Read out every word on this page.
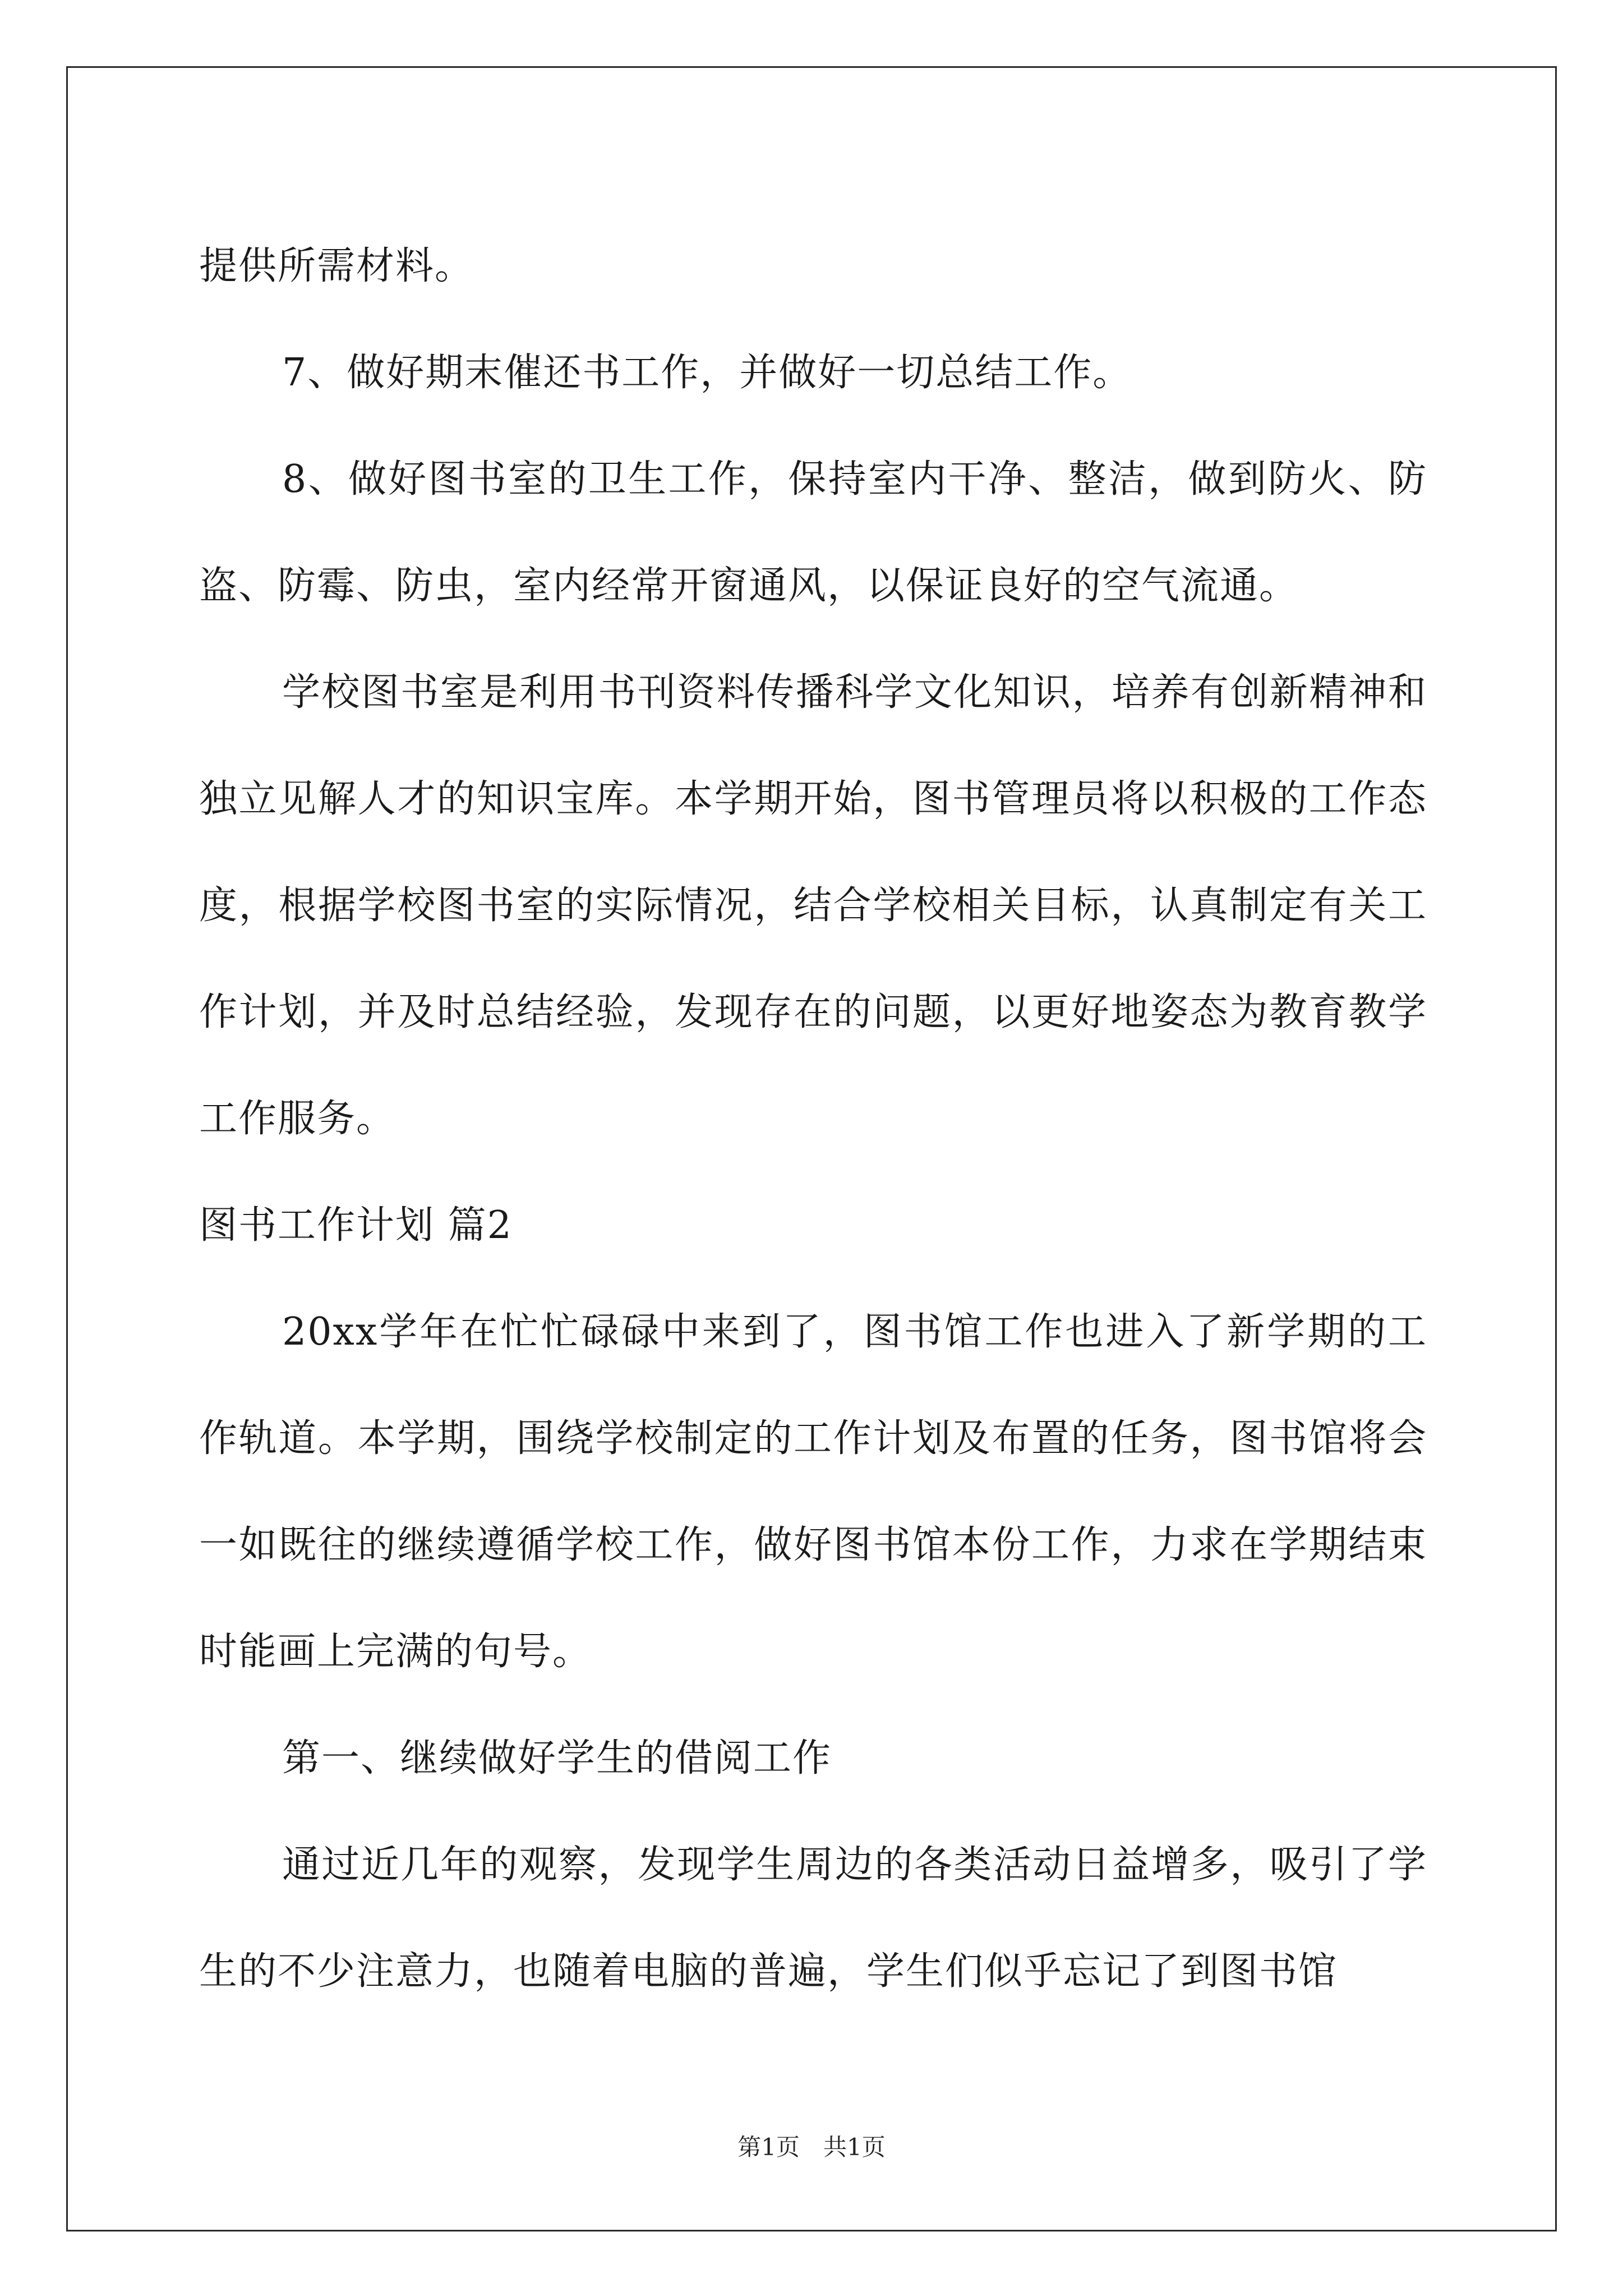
提供所需材料。

7、做好期末催还书工作，并做好一切总结工作。

8、做好图书室的卫生工作，保持室内干净、整洁，做到防火、防盗、防霉、防虫，室内经常开窗通风，以保证良好的空气流通。

学校图书室是利用书刊资料传播科学文化知识，培养有创新精神和独立见解人才的知识宝库。本学期开始，图书管理员将以积极的工作态度，根据学校图书室的实际情况，结合学校相关目标，认真制定有关工作计划，并及时总结经验，发现存在的问题，以更好地姿态为教育教学工作服务。

图书工作计划 篇2

20xx学年在忙忙碌碌中来到了，图书馆工作也进入了新学期的工作轨道。本学期，围绕学校制定的工作计划及布置的任务，图书馆将会一如既往的继续遵循学校工作，做好图书馆本份工作，力求在学期结束时能画上完满的句号。

第一、继续做好学生的借阅工作

通过近几年的观察，发现学生周边的各类活动日益增多，吸引了学生的不少注意力，也随着电脑的普遍，学生们似乎忘记了到图书馆

第1页　共1页
